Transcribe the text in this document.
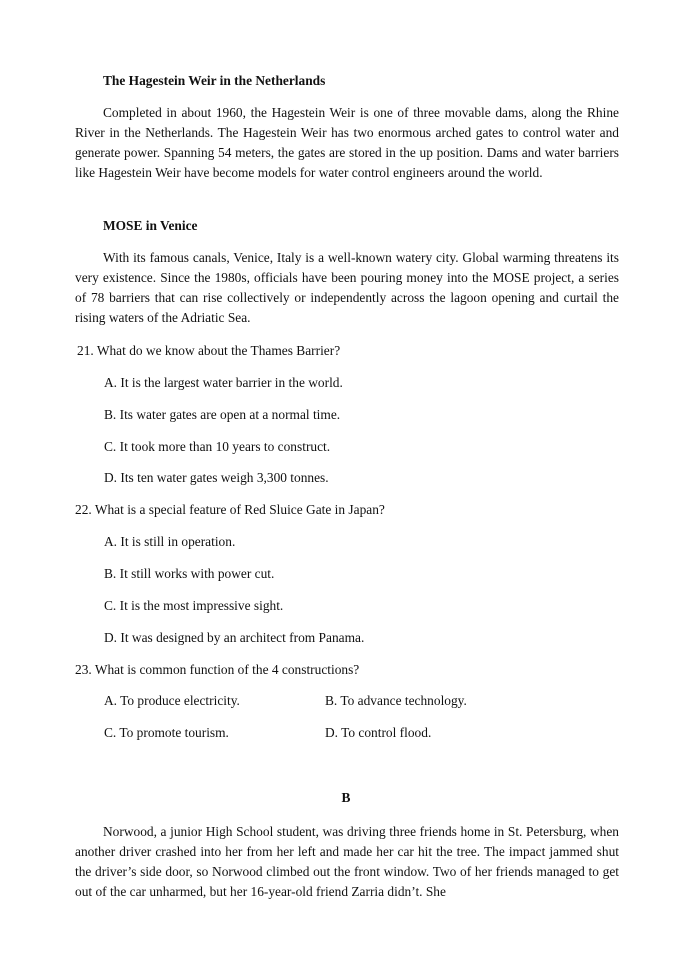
The Hagestein Weir in the Netherlands
Completed in about 1960, the Hagestein Weir is one of three movable dams, along the Rhine River in the Netherlands. The Hagestein Weir has two enormous arched gates to control water and generate power. Spanning 54 meters, the gates are stored in the up position. Dams and water barriers like Hagestein Weir have become models for water control engineers around the world.
MOSE in Venice
With its famous canals, Venice, Italy is a well-known watery city. Global warming threatens its very existence. Since the 1980s, officials have been pouring money into the MOSE project, a series of 78 barriers that can rise collectively or independently across the lagoon opening and curtail the rising waters of the Adriatic Sea.
21. What do we know about the Thames Barrier?
A. It is the largest water barrier in the world.
B. Its water gates are open at a normal time.
C. It took more than 10 years to construct.
D. Its ten water gates weigh 3,300 tonnes.
22. What is a special feature of Red Sluice Gate in Japan?
A. It is still in operation.
B. It still works with power cut.
C. It is the most impressive sight.
D. It was designed by an architect from Panama.
23. What is common function of the 4 constructions?
A. To produce electricity.	B. To advance technology.
C. To promote tourism.	D. To control flood.
B
Norwood, a junior High School student, was driving three friends home in St. Petersburg, when another driver crashed into her from her left and made her car hit the tree. The impact jammed shut the driver’s side door, so Norwood climbed out the front window. Two of her friends managed to get out of the car unharmed, but her 16-year-old friend Zarria didn’t. She
